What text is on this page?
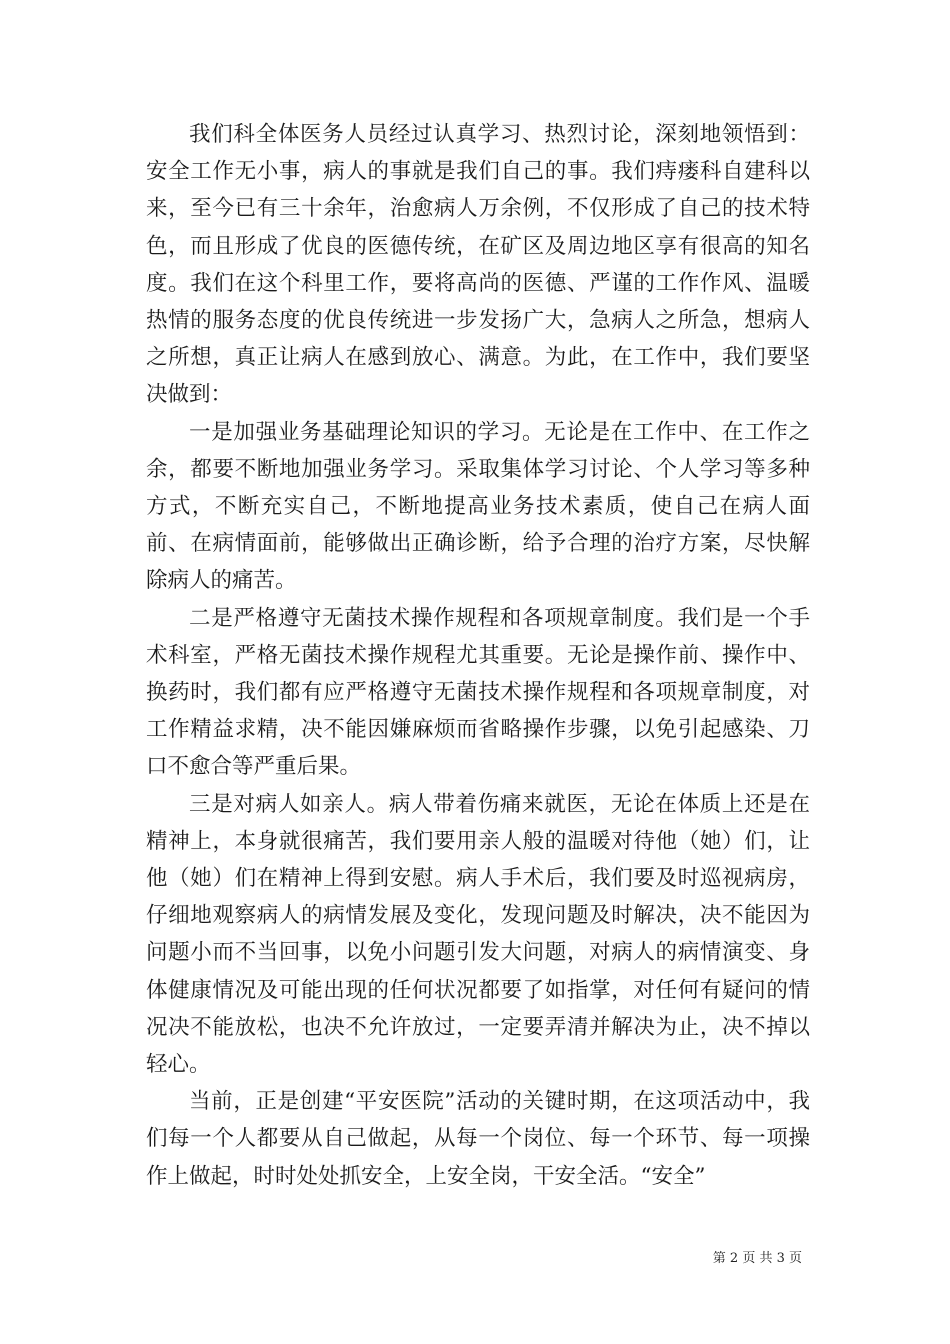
我们科全体医务人员经过认真学习、热烈讨论，深刻地领悟到：安全工作无小事，病人的事就是我们自己的事。我们痔瘘科自建科以来，至今已有三十余年，治愈病人万余例，不仅形成了自己的技术特色，而且形成了优良的医德传统，在矿区及周边地区享有很高的知名度。我们在这个科里工作，要将高尚的医德、严谨的工作作风、温暖热情的服务态度的优良传统进一步发扬广大，急病人之所急，想病人之所想，真正让病人在感到放心、满意。为此，在工作中，我们要坚决做到：

一是加强业务基础理论知识的学习。无论是在工作中、在工作之余，都要不断地加强业务学习。采取集体学习讨论、个人学习等多种方式，不断充实自己，不断地提高业务技术素质，使自己在病人面前、在病情面前，能够做出正确诊断，给予合理的治疗方案，尽快解除病人的痛苦。

二是严格遵守无菌技术操作规程和各项规章制度。我们是一个手术科室，严格无菌技术操作规程尤其重要。无论是操作前、操作中、换药时，我们都有应严格遵守无菌技术操作规程和各项规章制度，对工作精益求精，决不能因嫌麻烦而省略操作步骤，以免引起感染、刀口不愈合等严重后果。

三是对病人如亲人。病人带着伤痛来就医，无论在体质上还是在精神上，本身就很痛苦，我们要用亲人般的温暖对待他（她）们，让他（她）们在精神上得到安慰。病人手术后，我们要及时巡视病房，仔细地观察病人的病情发展及变化，发现问题及时解决，决不能因为问题小而不当回事，以免小问题引发大问题，对病人的病情演变、身体健康情况及可能出现的任何状况都要了如指掌，对任何有疑问的情况决不能放松，也决不允许放过，一定要弄清并解决为止，决不掉以轻心。

当前，正是创建“平安医院”活动的关键时期，在这项活动中，我们每一个人都要从自己做起，从每一个岗位、每一个环节、每一项操作上做起，时时处处抓安全，上安全岗，干安全活。“安全”

第 2 页 共 3 页
